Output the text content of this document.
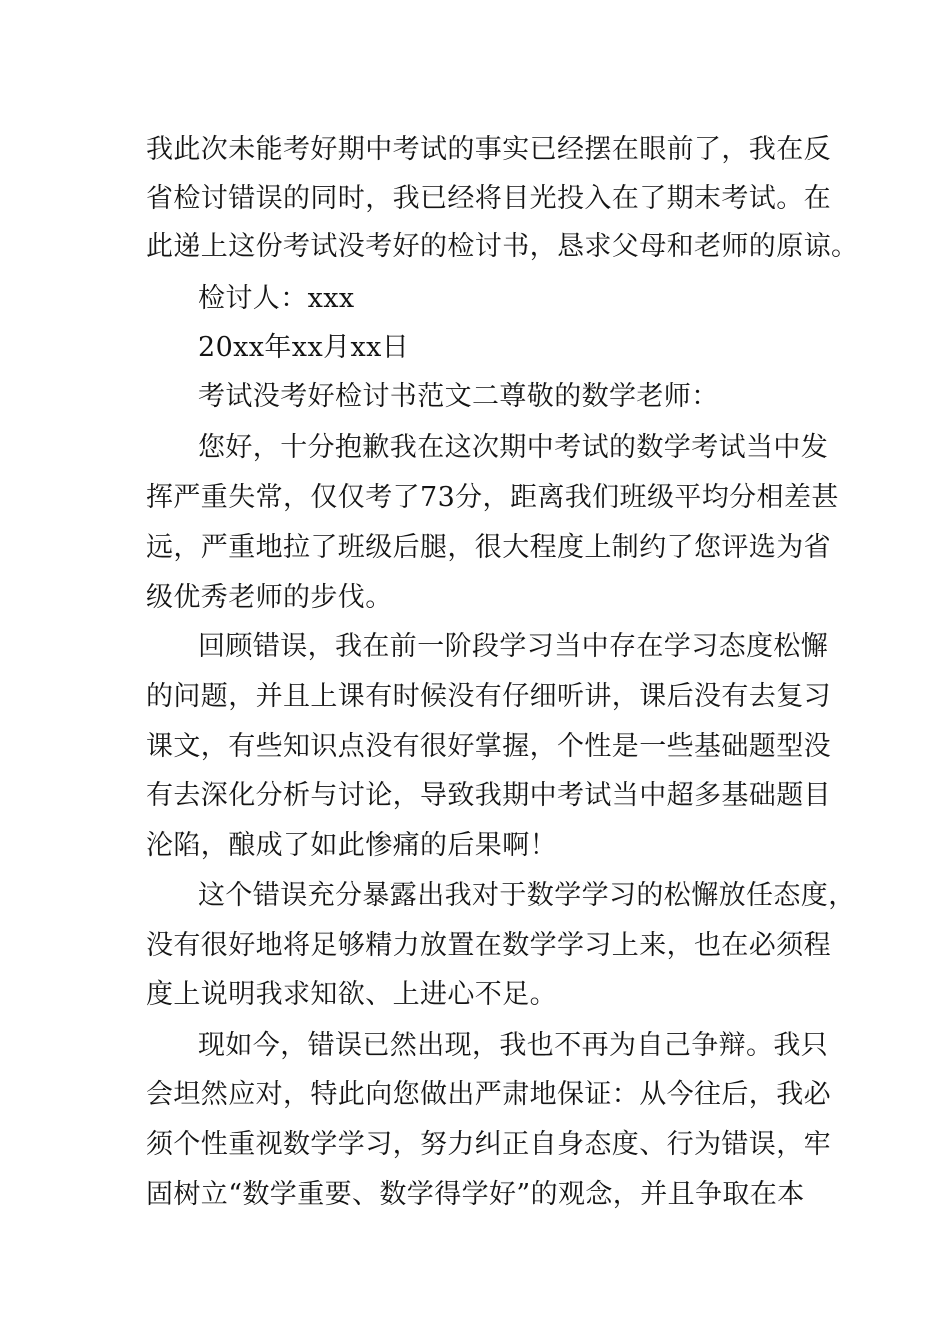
我此次未能考好期中考试的事实已经摆在眼前了，我在反
省检讨错误的同时，我已经将目光投入在了期末考试。在
此递上这份考试没考好的检讨书，恳求父母和老师的原谅。
检讨人：xxx
20xx年xx月xx日
考试没考好检讨书范文二尊敬的数学老师：
您好，十分抱歉我在这次期中考试的数学考试当中发
挥严重失常，仅仅考了73分，距离我们班级平均分相差甚
远，严重地拉了班级后腿，很大程度上制约了您评选为省
级优秀老师的步伐。
回顾错误，我在前一阶段学习当中存在学习态度松懈
的问题，并且上课有时候没有仔细听讲，课后没有去复习
课文，有些知识点没有很好掌握，个性是一些基础题型没
有去深化分析与讨论，导致我期中考试当中超多基础题目
沦陷，酿成了如此惨痛的后果啊！
这个错误充分暴露出我对于数学学习的松懈放任态度，
没有很好地将足够精力放置在数学学习上来，也在必须程
度上说明我求知欲、上进心不足。
现如今，错误已然出现，我也不再为自己争辩。我只
会坦然应对，特此向您做出严肃地保证：从今往后，我必
须个性重视数学学习，努力纠正自身态度、行为错误，牢
固树立“数学重要、数学得学好”的观念，并且争取在本
